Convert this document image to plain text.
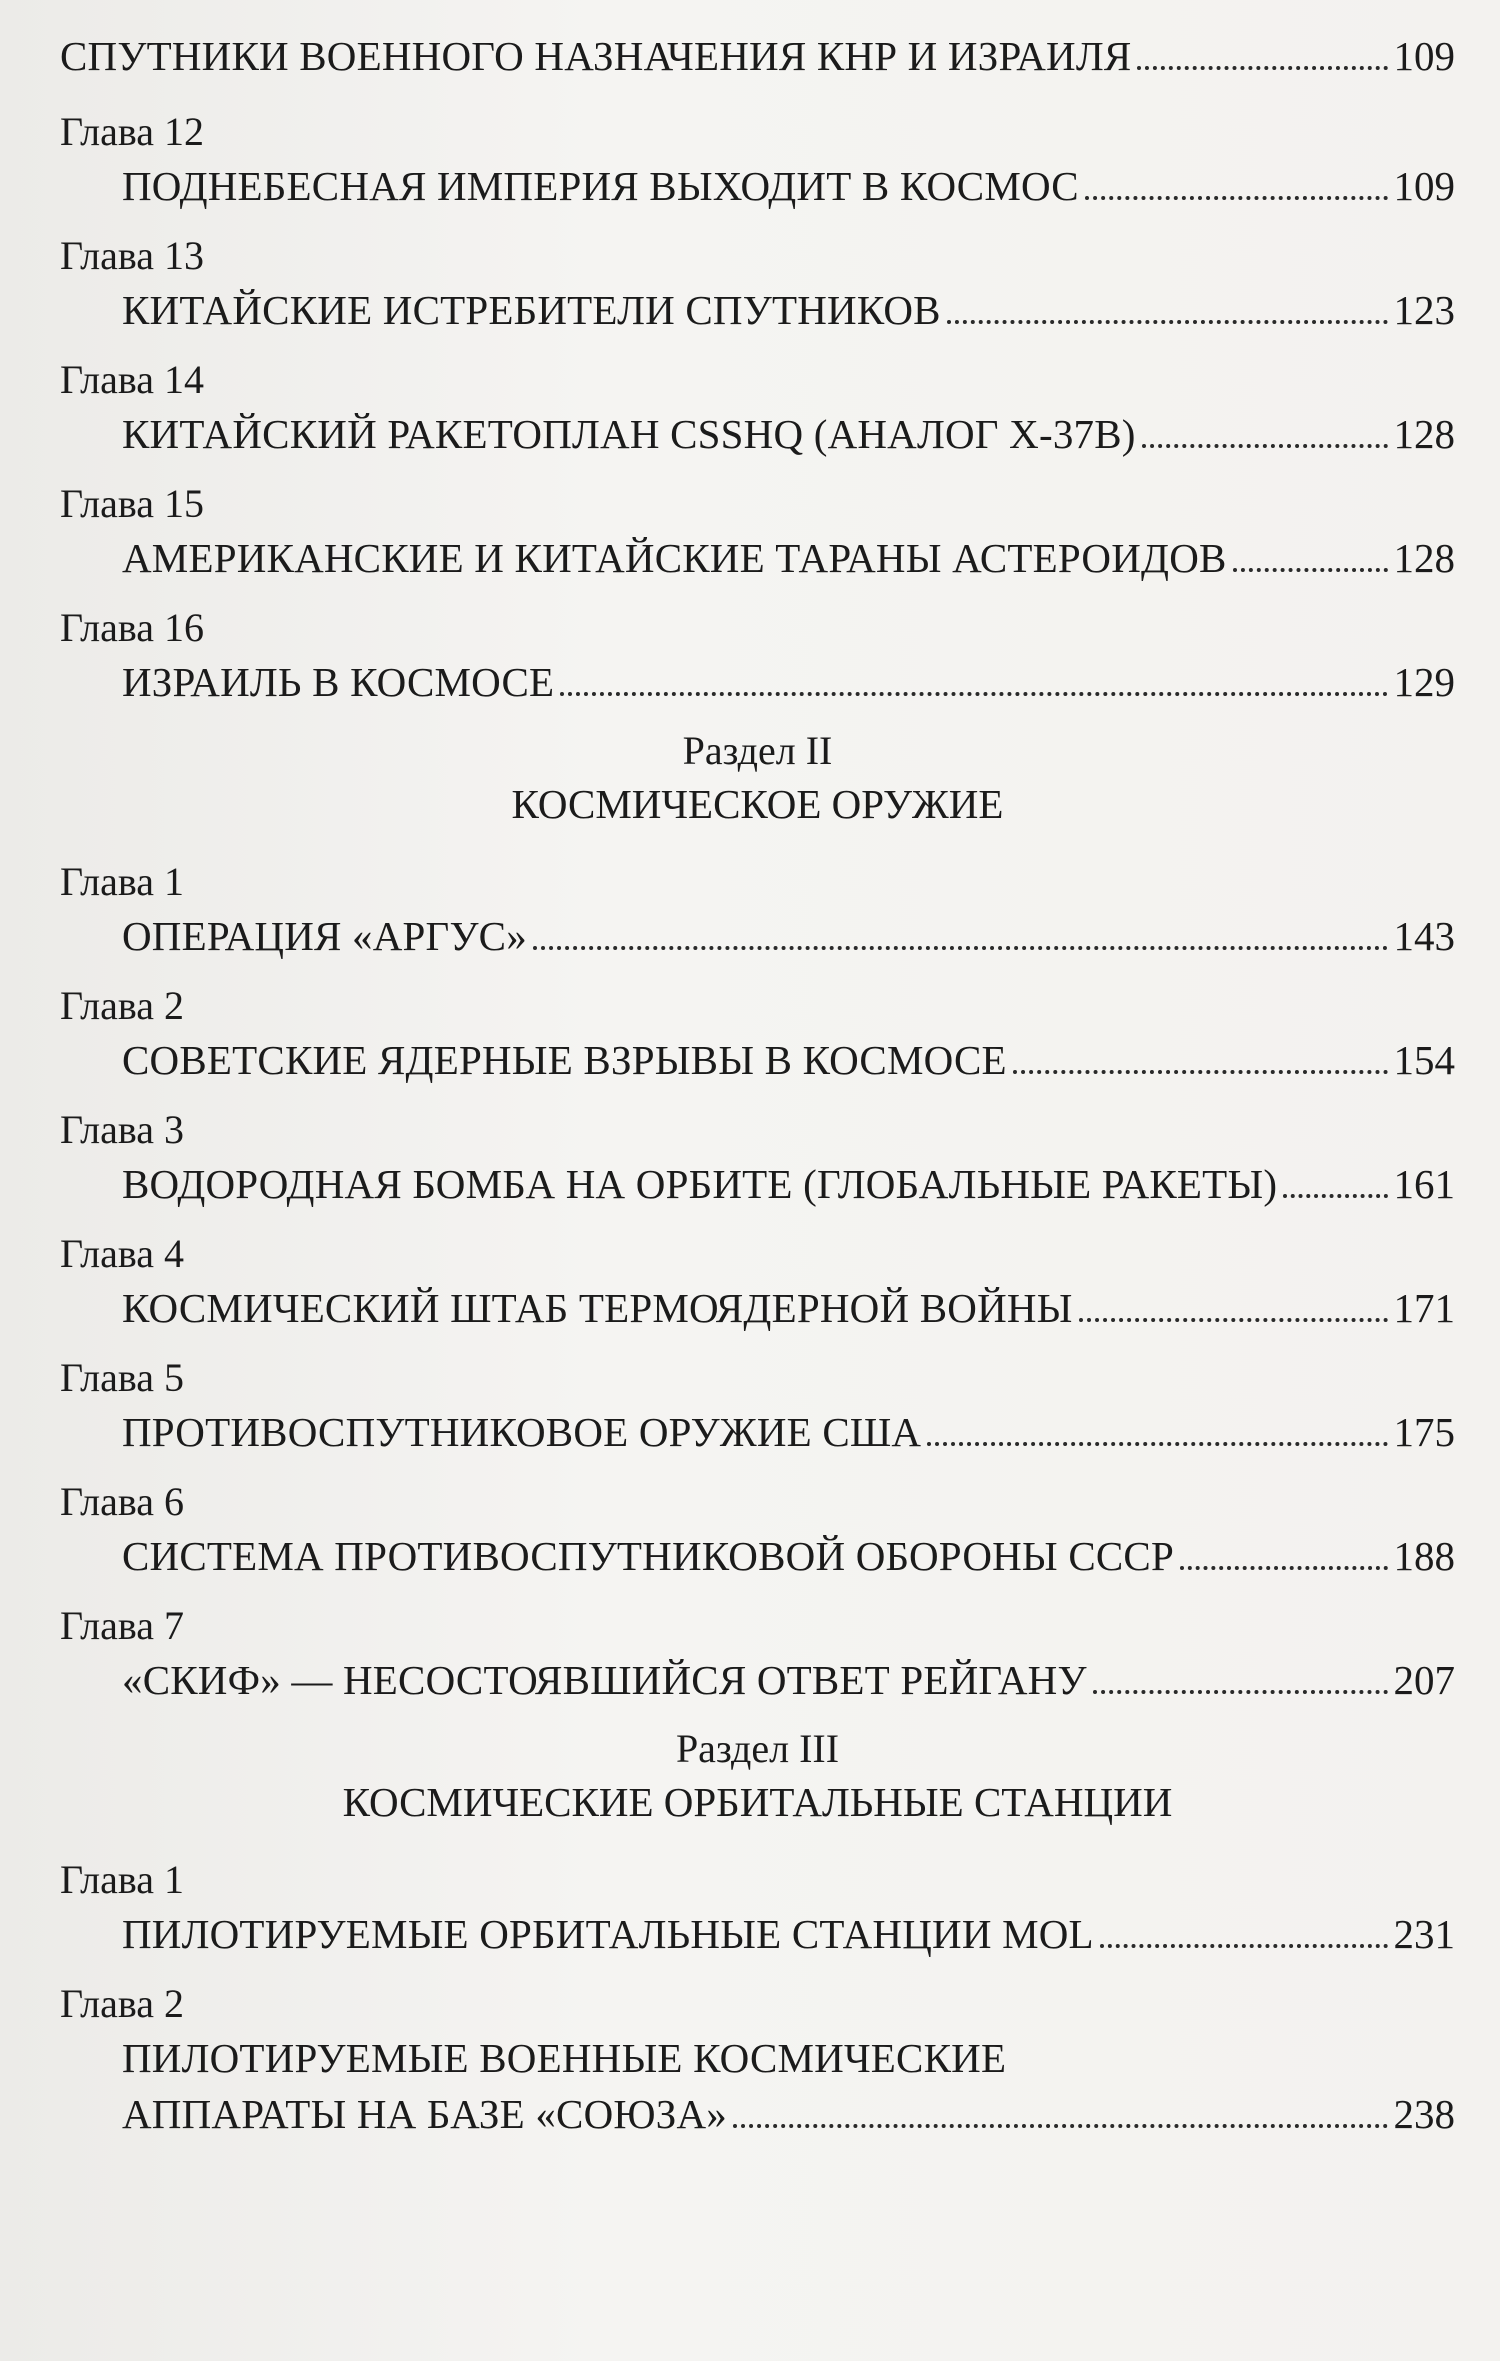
СПУТНИКИ ВОЕННОГО НАЗНАЧЕНИЯ КНР И ИЗРАИЛЯ	109
Глава 12
ПОДНЕБЕСНАЯ ИМПЕРИЯ ВЫХОДИТ В КОСМОС	109
Глава 13
КИТАЙСКИЕ ИСТРЕБИТЕЛИ СПУТНИКОВ	123
Глава 14
КИТАЙСКИЙ РАКЕТОПЛАН CSSHQ (АНАЛОГ X-37B)	128
Глава 15
АМЕРИКАНСКИЕ И КИТАЙСКИЕ ТАРАНЫ АСТЕРОИДОВ	128
Глава 16
ИЗРАИЛЬ В КОСМОСЕ	129
Раздел II
КОСМИЧЕСКОЕ ОРУЖИЕ
Глава 1
ОПЕРАЦИЯ «АРГУС»	143
Глава 2
СОВЕТСКИЕ ЯДЕРНЫЕ ВЗРЫВЫ В КОСМОСЕ	154
Глава 3
ВОДОРОДНАЯ БОМБА НА ОРБИТЕ (ГЛОБАЛЬНЫЕ РАКЕТЫ)	161
Глава 4
КОСМИЧЕСКИЙ ШТАБ ТЕРМОЯДЕРНОЙ ВОЙНЫ	171
Глава 5
ПРОТИВОСПУТНИКОВОЕ ОРУЖИЕ США	175
Глава 6
СИСТЕМА ПРОТИВОСПУТНИКОВОЙ ОБОРОНЫ СССР	188
Глава 7
«СКИФ» — НЕСОСТОЯВШИЙСЯ ОТВЕТ РЕЙГАНУ	207
Раздел III
КОСМИЧЕСКИЕ ОРБИТАЛЬНЫЕ СТАНЦИИ
Глава 1
ПИЛОТИРУЕМЫЕ ОРБИТАЛЬНЫЕ СТАНЦИИ MOL	231
Глава 2
ПИЛОТИРУЕМЫЕ ВОЕННЫЕ КОСМИЧЕСКИЕ
АППАРАТЫ НА БАЗЕ «СОЮЗА»	238
